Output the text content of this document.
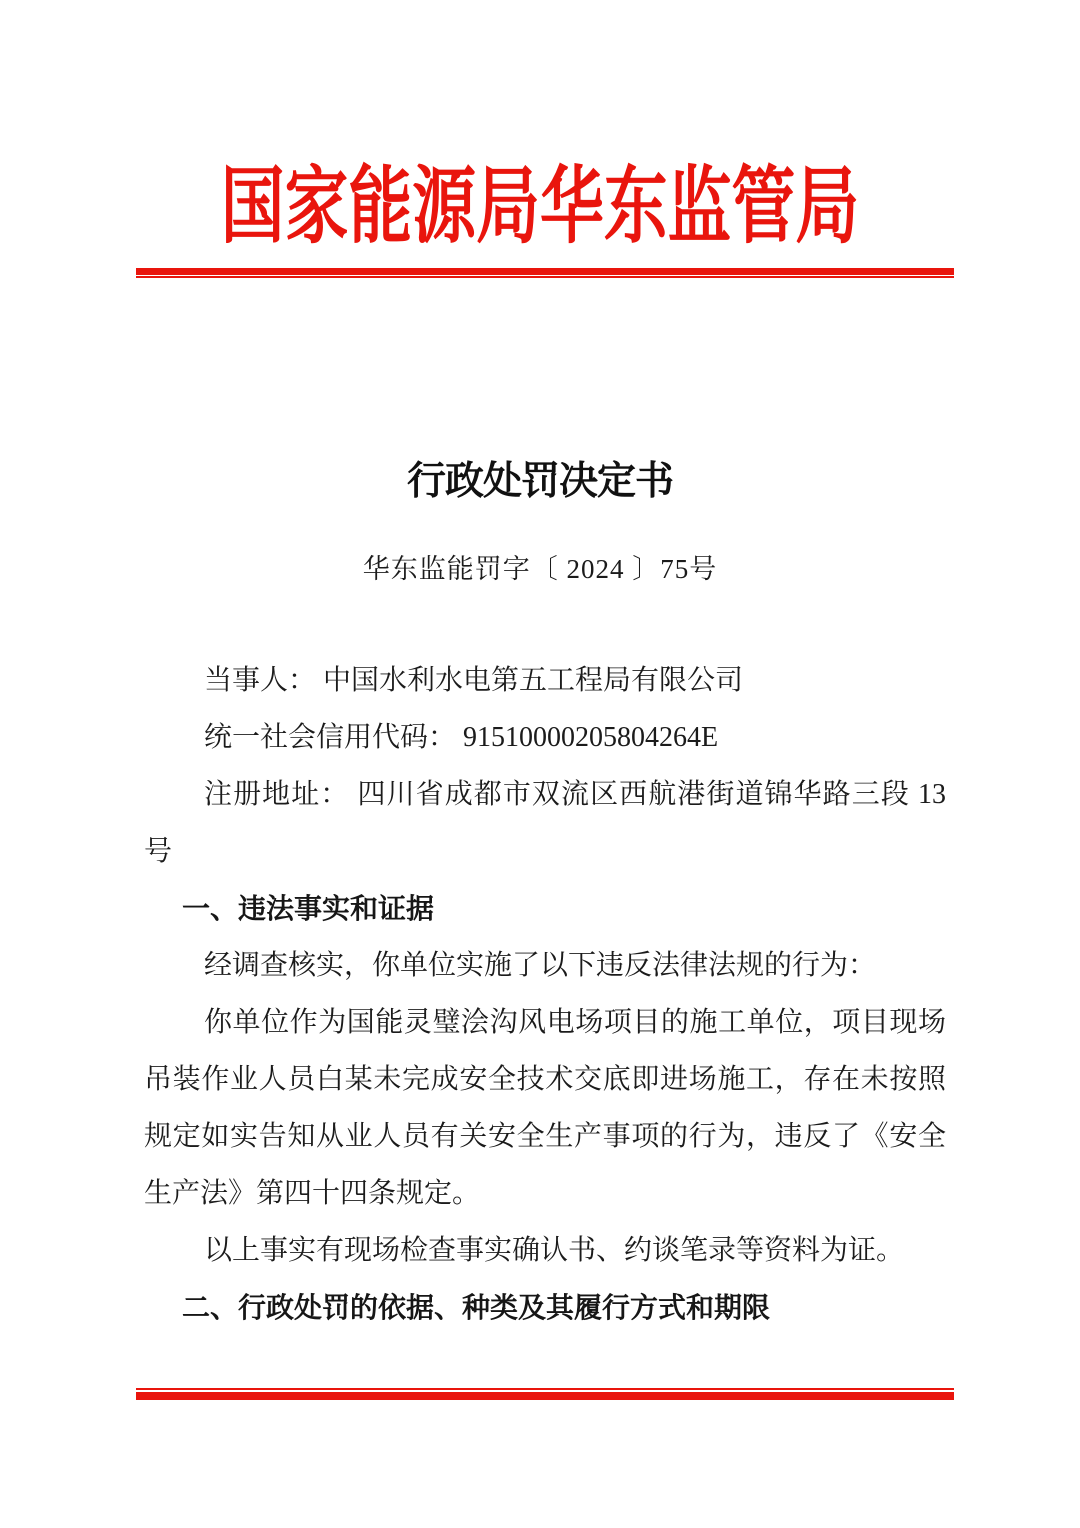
国家能源局华东监管局
行政处罚决定书
华东监能罚字〔 2024 〕75号
当事人： 中国水利水电第五工程局有限公司
统一社会信用代码： 91510000205804264E
注册地址： 四川省成都市双流区西航港街道锦华路三段 13
号
一、违法事实和证据
经调查核实，你单位实施了以下违反法律法规的行为：
你单位作为国能灵璧浍沟风电场项目的施工单位，项目现场
吊装作业人员白某未完成安全技术交底即进场施工，存在未按照
规定如实告知从业人员有关安全生产事项的行为，违反了《安全
生产法》第四十四条规定。
以上事实有现场检查事实确认书、约谈笔录等资料为证。
二、行政处罚的依据、种类及其履行方式和期限
